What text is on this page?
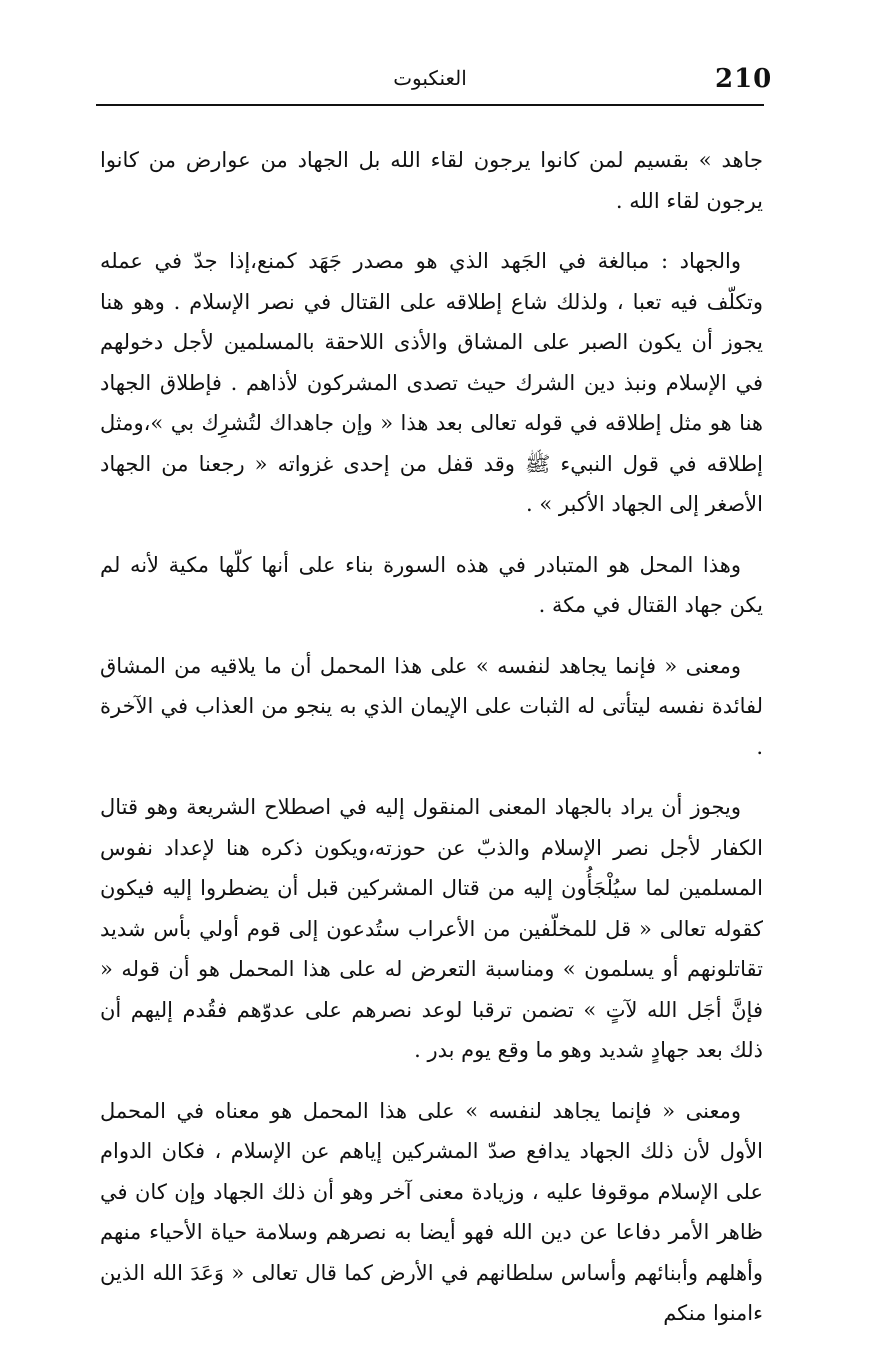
210
العنكبوت

جاهد » بقسيم لمن كانوا يرجون لقاء الله بل الجهاد من عوارض من كانوا يرجون لقاء الله .

والجهاد : مبالغة في الجَهد الذي هو مصدر جَهَد كمنع،إذا جدّ في عمله وتكلّف فيه تعبا ، ولذلك شاع إطلاقه على القتال في نصر الإسلام . وهو هنا يجوز أن يكون الصبر على المشاق والأذى اللاحقة بالمسلمين لأجل دخولهم في الإسلام ونبذ دين الشرك حيث تصدى المشركون لأذاهم . فإطلاق الجهاد هنا هو مثل إطلاقه في قوله تعالى بعد هذا « وإن جاهداك لتُشرِك بي »،ومثل إطلاقه في قول النبيء ﷺ وقد قفل من إحدى غزواته « رجعنا من الجهاد الأصغر إلى الجهاد الأكبر » .

وهذا المحل هو المتبادر في هذه السورة بناء على أنها كلّها مكية لأنه لم يكن جهاد القتال في مكة .

ومعنى « فإنما يجاهد لنفسه » على هذا المحمل أن ما يلاقيه من المشاق لفائدة نفسه ليتأتى له الثبات على الإيمان الذي به ينجو من العذاب في الآخرة .

ويجوز أن يراد بالجهاد المعنى المنقول إليه في اصطلاح الشريعة وهو قتال الكفار لأجل نصر الإسلام والذبّ عن حوزته،ويكون ذكره هنا لإعداد نفوس المسلمين لما سيُلْجَأُون إليه من قتال المشركين قبل أن يضطروا إليه فيكون كقوله تعالى « قل للمخلّفين من الأعراب ستُدعون إلى قوم أولي بأس شديد تقاتلونهم أو يسلمون » ومناسبة التعرض له على هذا المحمل هو أن قوله « فإنَّ أجَل الله لآتٍ » تضمن ترقبا لوعد نصرهم على عدوّهم فقُدم إليهم أن ذلك بعد جهادٍ شديد وهو ما وقع يوم بدر .

ومعنى « فإنما يجاهد لنفسه » على هذا المحمل هو معناه في المحمل الأول لأن ذلك الجهاد يدافع صدّ المشركين إياهم عن الإسلام ، فكان الدوام على الإسلام موقوفا عليه ، وزيادة معنى آخر وهو أن ذلك الجهاد وإن كان في ظاهر الأمر دفاعا عن دين الله فهو أيضا به نصرهم وسلامة حياة الأحياء منهم وأهلهم وأبنائهم وأساس سلطانهم في الأرض كما قال تعالى « وَعَدَ الله الذين ءامنوا منكم
